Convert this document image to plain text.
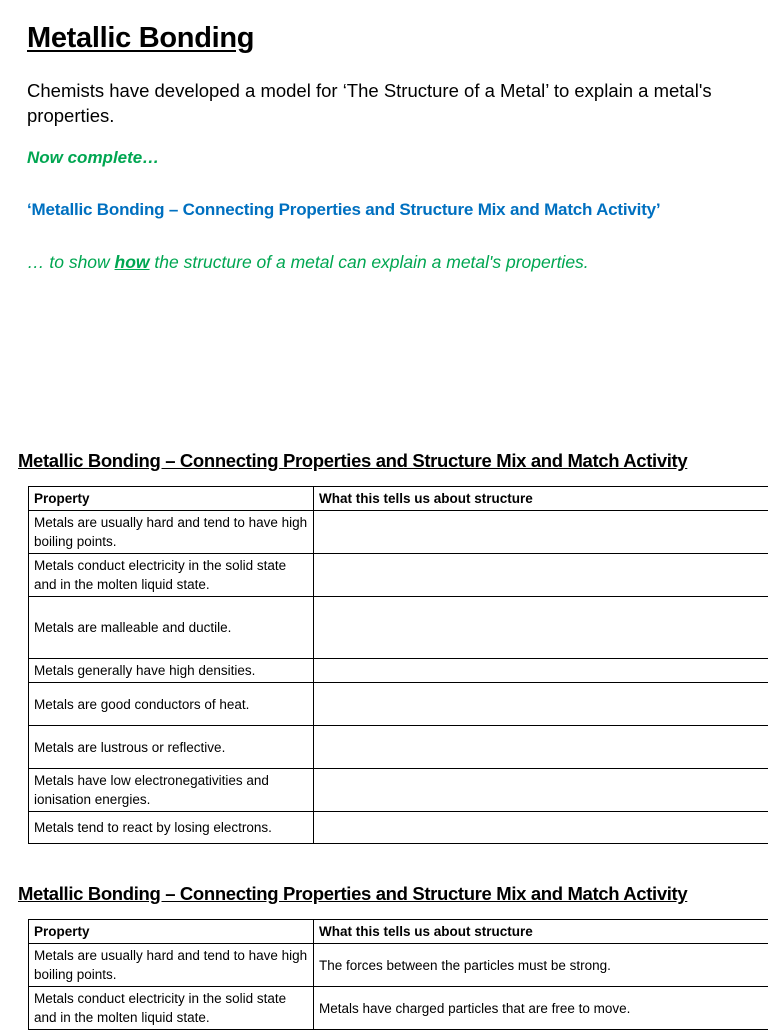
Metallic Bonding
Chemists have developed a model for ‘The Structure of a Metal’ to explain a metal's properties.
Now complete…
‘Metallic Bonding – Connecting Properties and Structure Mix and Match Activity’
… to show how the structure of a metal can explain a metal's properties.
Metallic Bonding – Connecting Properties and Structure Mix and Match Activity
Property	What this tells us about structure
Metals are usually hard and tend to have high boiling points.	
Metals conduct electricity in the solid state and in the molten liquid state.	
Metals are malleable and ductile.	
Metals generally have high densities.	
Metals are good conductors of heat.	
Metals are lustrous or reflective.	
Metals have low electronegativities and ionisation energies.	
Metals tend to react by losing electrons.	
Metallic Bonding – Connecting Properties and Structure Mix and Match Activity
Property	What this tells us about structure
Metals are usually hard and tend to have high boiling points.	The forces between the particles must be strong.
Metals conduct electricity in the solid state and in the molten liquid state.	Metals have charged particles that are free to move.
